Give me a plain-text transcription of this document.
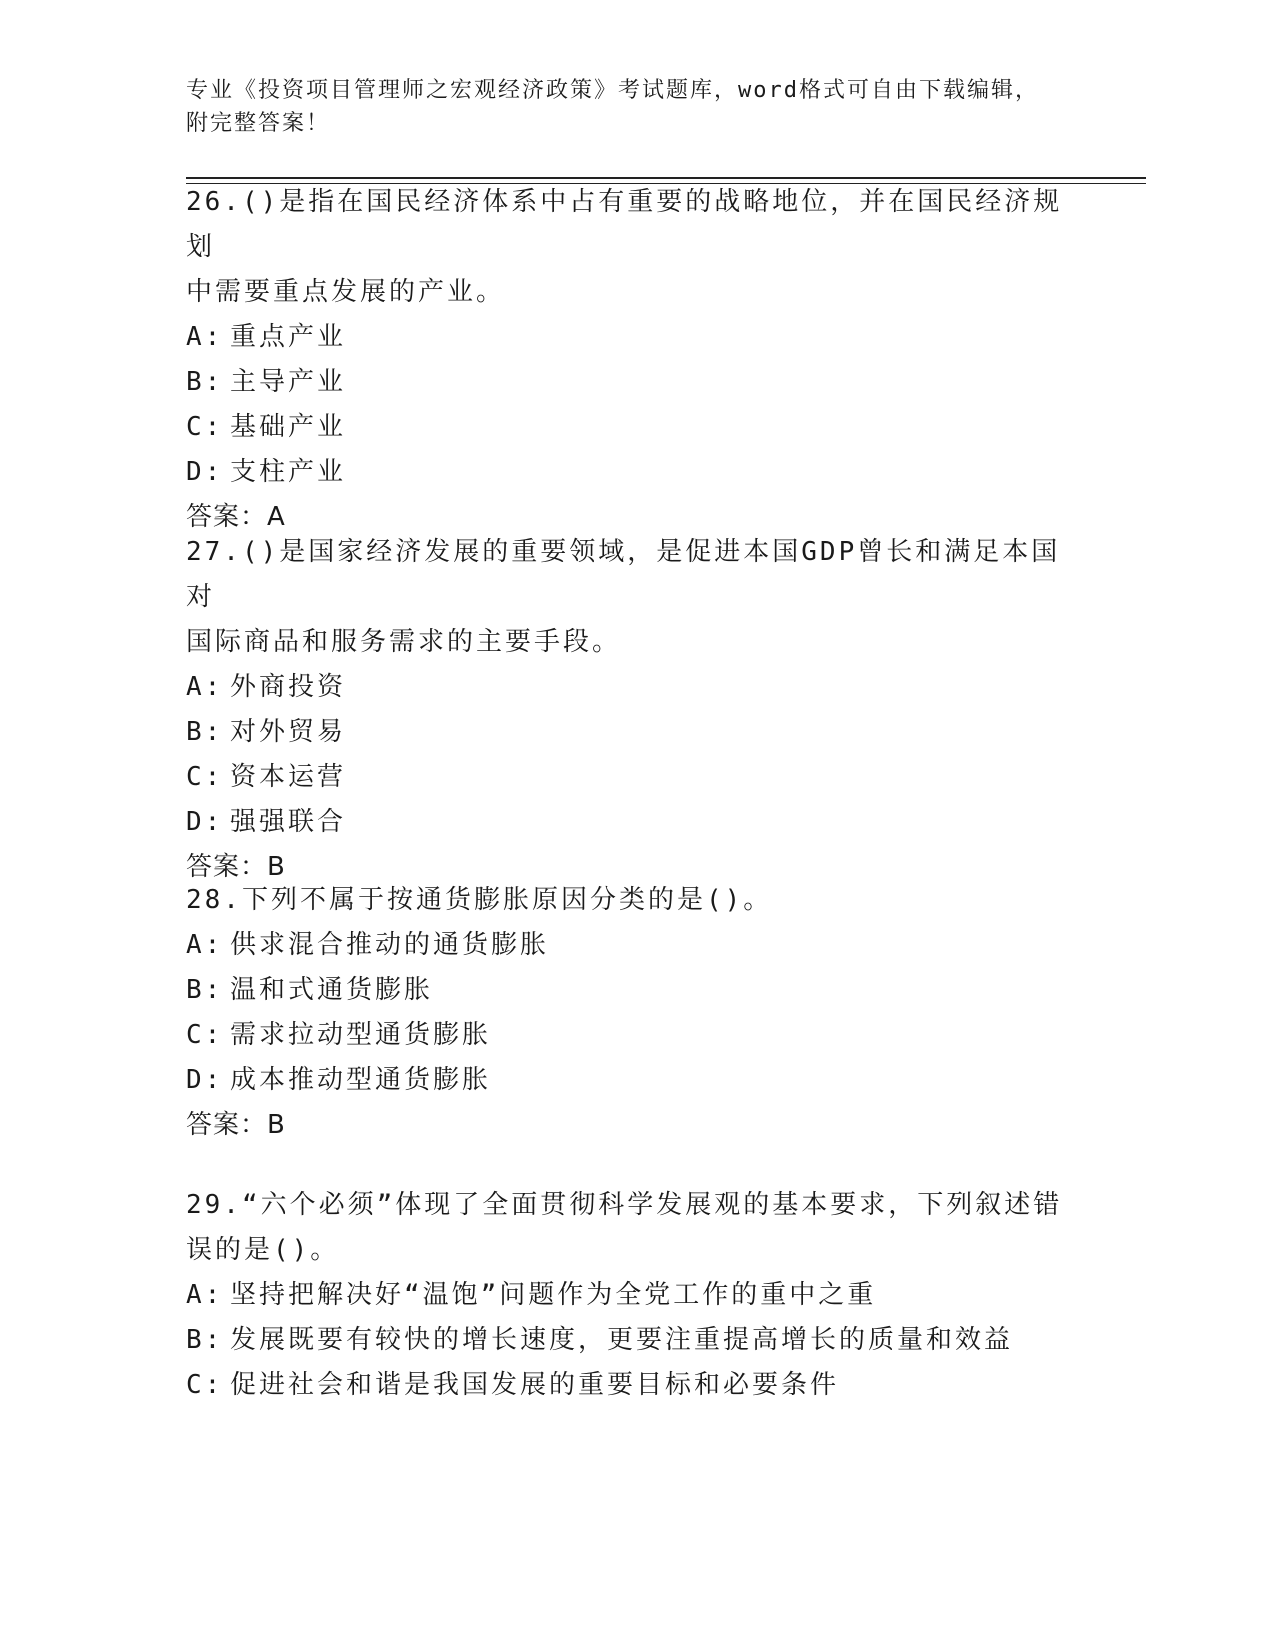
专业《投资项目管理师之宏观经济政策》考试题库，word格式可自由下载编辑，
附完整答案！
26.()是指在国民经济体系中占有重要的战略地位，并在国民经济规划
中需要重点发展的产业。
A: 重点产业
B: 主导产业
C: 基础产业
D: 支柱产业
答案：A
27.()是国家经济发展的重要领域，是促进本国GDP曾长和满足本国对
国际商品和服务需求的主要手段。
A: 外商投资
B: 对外贸易
C: 资本运营
D: 强强联合
答案：B
28.下列不属于按通货膨胀原因分类的是()。
A: 供求混合推动的通货膨胀
B: 温和式通货膨胀
C: 需求拉动型通货膨胀
D: 成本推动型通货膨胀
答案：B
29.“六个必须”体现了全面贯彻科学发展观的基本要求，下列叙述错
误的是()。
A: 坚持把解决好“温饱”问题作为全党工作的重中之重
B: 发展既要有较快的增长速度，更要注重提高增长的质量和效益
C: 促进社会和谐是我国发展的重要目标和必要条件
